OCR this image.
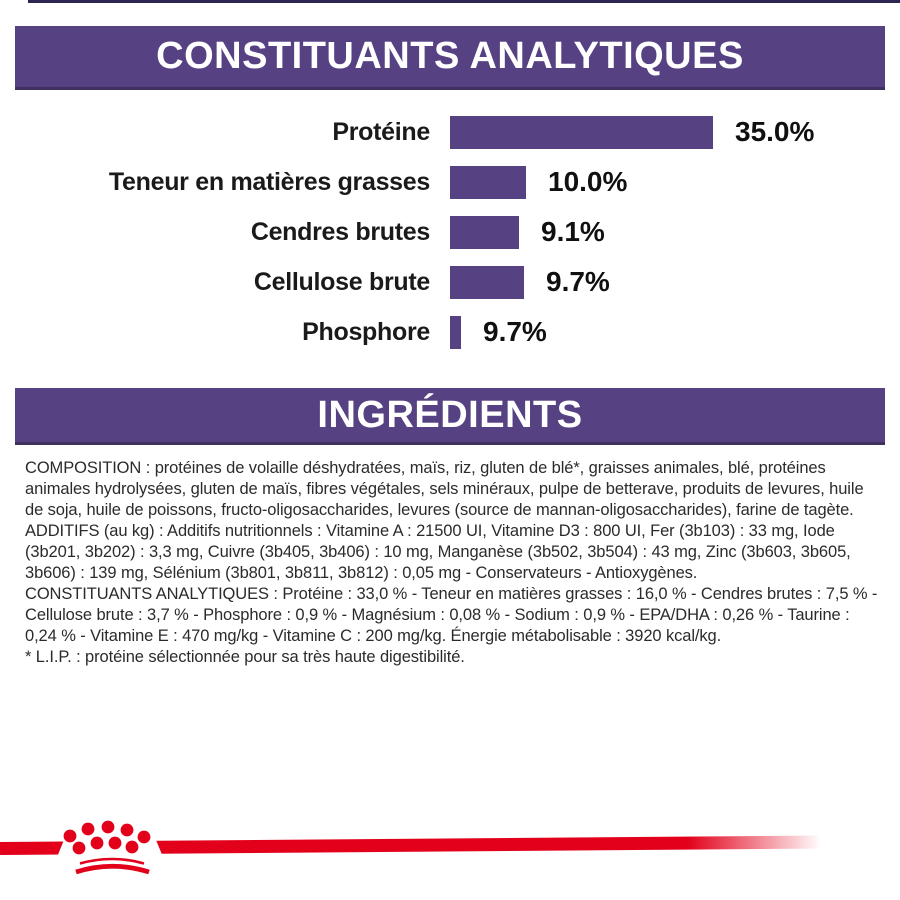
CONSTITUANTS ANALYTIQUES
Protéine	35.0%
Teneur en matières grasses	10.0%
Cendres brutes	9.1%
Cellulose brute	9.7%
Phosphore 9.7%
INGRÉDIENTS

COMPOSITION : protéines de volaille déshydratées, maïs, riz, gluten de blé*, graisses animales, blé, protéines animales hydrolysées, gluten de maïs, fibres végétales, sels minéraux, pulpe de betterave, produits de levures, huile de soja, huile de poissons, fructo-oligosaccharides, levures (source de mannan-oligosaccharides), farine de tagète.

ADDITIFS (au kg) : Additifs nutritionnels : Vitamine A : 21500 UI, Vitamine D3 : 800 UI, Fer (3b103) : 33 mg, Iode (3b201, 3b202) : 3,3 mg, Cuivre (3b405, 3b406) : 10 mg, Manganèse (3b502, 3b504) : 43 mg, Zinc (3b603, 3b605, 3b606) : 139 mg, Sélénium (3b801, 3b811, 3b812) : 0,05 mg - Conservateurs - Antioxygènes.

CONSTITUANTS ANALYTIQUES : Protéine : 33,0 % - Teneur en matières grasses : 16,0 % - Cendres brutes : 7,5 % - Cellulose brute : 3,7 % - Phosphore : 0,9 % - Magnésium : 0,08 % - Sodium : 0,9 % - EPA/DHA : 0,26 % - Taurine : 0,24 % - Vitamine E : 470 mg/kg - Vitamine C : 200 mg/kg. Énergie métabolisable : 3920 kcal/kg.

* L.I.P. : protéine sélectionnée pour sa très haute digestibilité.
